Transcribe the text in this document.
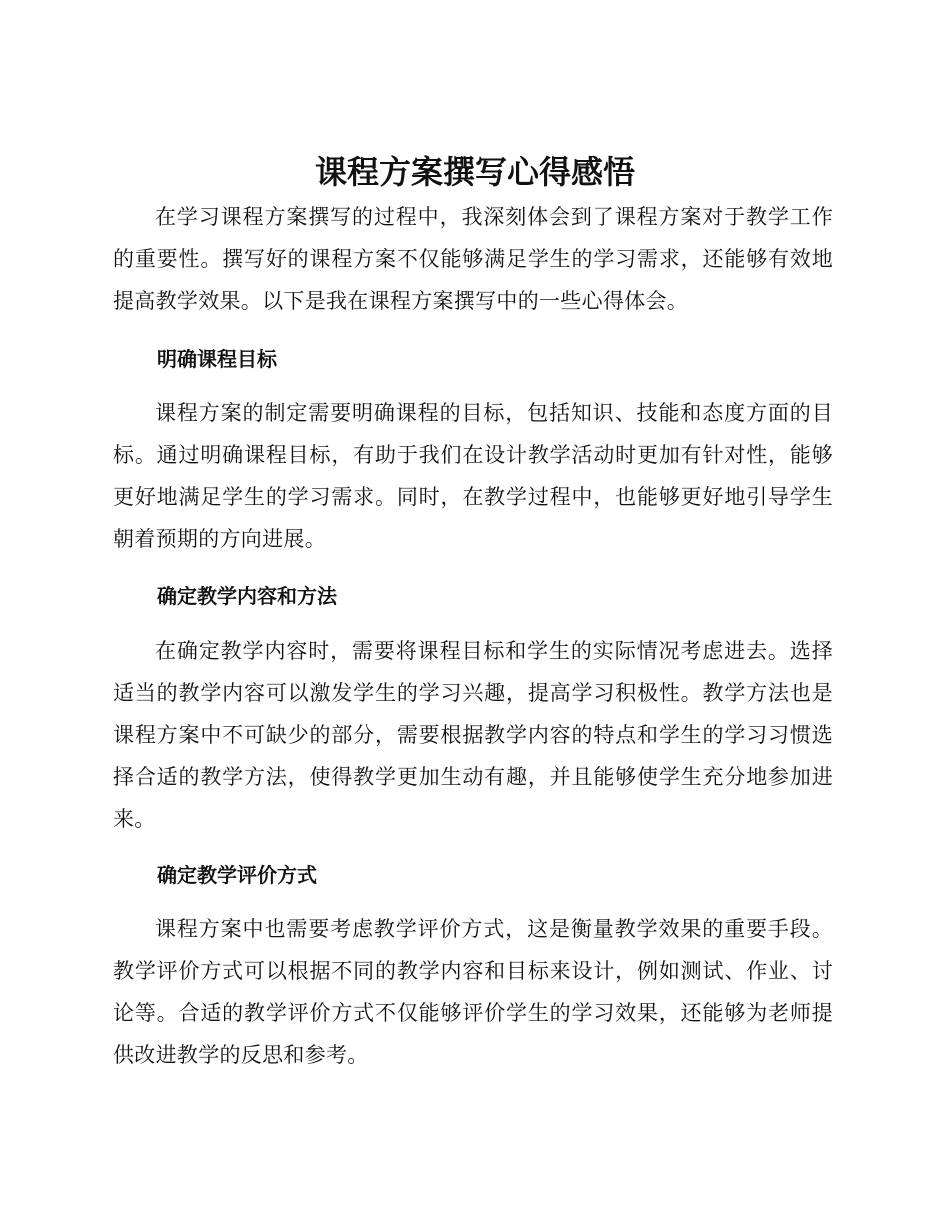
课程方案撰写心得感悟

在学习课程方案撰写的过程中，我深刻体会到了课程方案对于教学工作的重要性。撰写好的课程方案不仅能够满足学生的学习需求，还能够有效地提高教学效果。以下是我在课程方案撰写中的一些心得体会。

明确课程目标

课程方案的制定需要明确课程的目标，包括知识、技能和态度方面的目标。通过明确课程目标，有助于我们在设计教学活动时更加有针对性，能够更好地满足学生的学习需求。同时，在教学过程中，也能够更好地引导学生朝着预期的方向进展。

确定教学内容和方法

在确定教学内容时，需要将课程目标和学生的实际情况考虑进去。选择适当的教学内容可以激发学生的学习兴趣，提高学习积极性。教学方法也是课程方案中不可缺少的部分，需要根据教学内容的特点和学生的学习习惯选择合适的教学方法，使得教学更加生动有趣，并且能够使学生充分地参加进来。

确定教学评价方式

课程方案中也需要考虑教学评价方式，这是衡量教学效果的重要手段。教学评价方式可以根据不同的教学内容和目标来设计，例如测试、作业、讨论等。合适的教学评价方式不仅能够评价学生的学习效果，还能够为老师提供改进教学的反思和参考。
